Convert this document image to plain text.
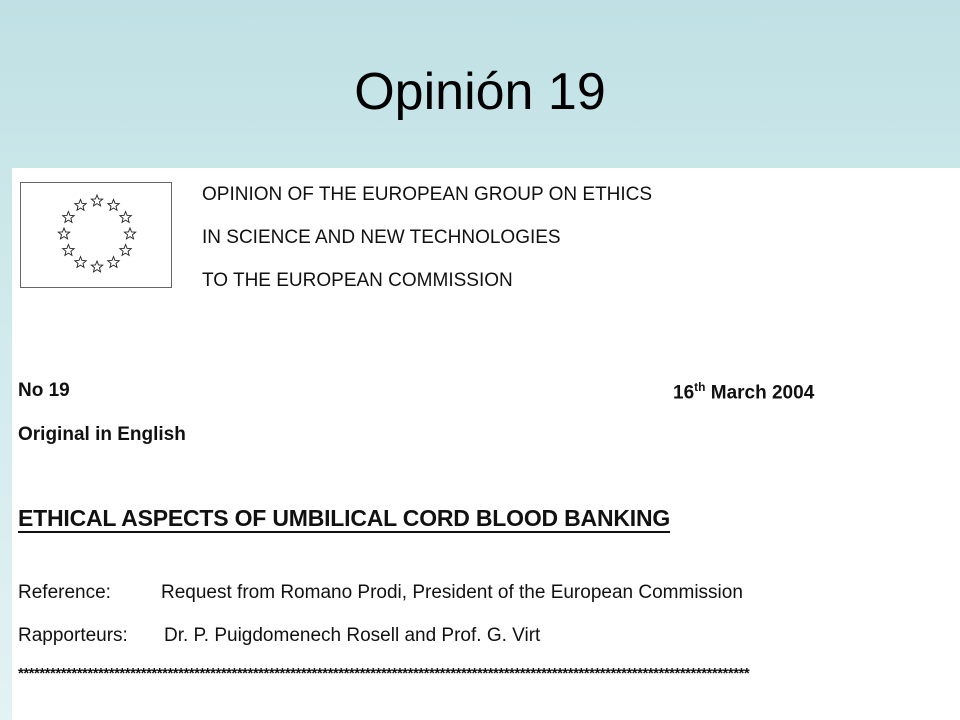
Opinión 19
OPINION OF THE EUROPEAN GROUP ON ETHICS
IN SCIENCE AND NEW TECHNOLOGIES
TO THE EUROPEAN COMMISSION
No 19	16th March 2004
Original in English
ETHICAL ASPECTS OF UMBILICAL CORD BLOOD BANKING
Reference:	Request from Romano Prodi, President of the European Commission
Rapporteurs: Dr. P. Puigdomenech Rosell and Prof. G. Virt
*****************************************************************************************************************************************
